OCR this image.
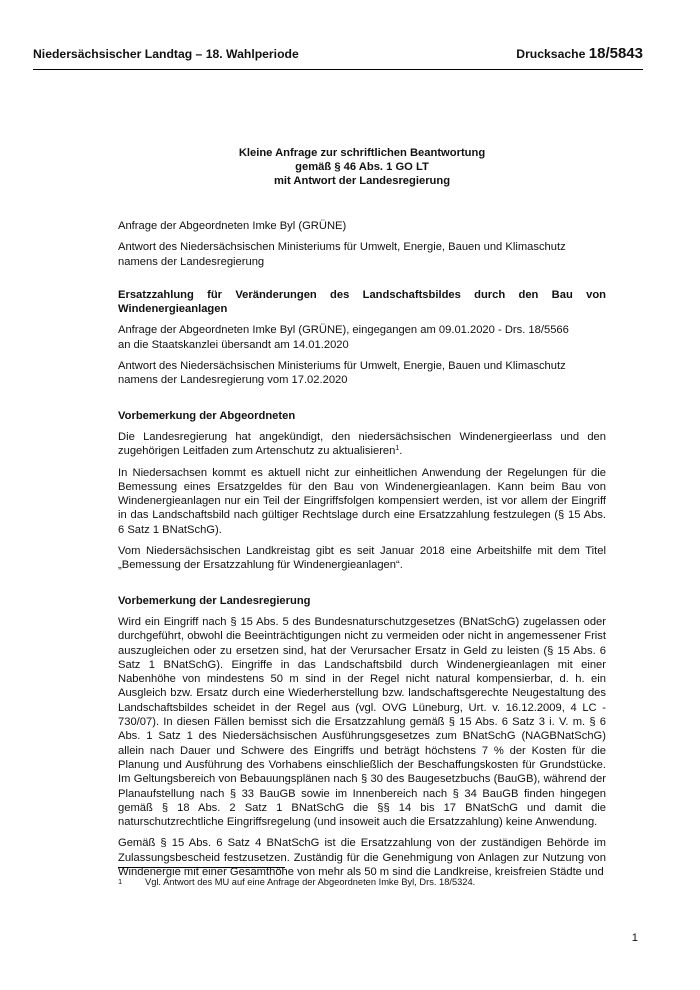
Niedersächsischer Landtag – 18. Wahlperiode	Drucksache 18/5843
Kleine Anfrage zur schriftlichen Beantwortung
gemäß § 46 Abs. 1 GO LT
mit Antwort der Landesregierung

Anfrage der Abgeordneten Imke Byl (GRÜNE)

Antwort des Niedersächsischen Ministeriums für Umwelt, Energie, Bauen und Klimaschutz namens der Landesregierung

Ersatzzahlung für Veränderungen des Landschaftsbildes durch den Bau von Windenergieanlagen

Anfrage der Abgeordneten Imke Byl (GRÜNE), eingegangen am 09.01.2020 - Drs. 18/5566
an die Staatskanzlei übersandt am 14.01.2020

Antwort des Niedersächsischen Ministeriums für Umwelt, Energie, Bauen und Klimaschutz namens der Landesregierung vom 17.02.2020

Vorbemerkung der Abgeordneten

Die Landesregierung hat angekündigt, den niedersächsischen Windenergieerlass und den zugehörigen Leitfaden zum Artenschutz zu aktualisieren$^1$.

In Niedersachsen kommt es aktuell nicht zur einheitlichen Anwendung der Regelungen für die Bemessung eines Ersatzgeldes für den Bau von Windenergieanlagen. Kann beim Bau von Windenergieanlagen nur ein Teil der Eingriffsfolgen kompensiert werden, ist vor allem der Eingriff in das Landschaftsbild nach gültiger Rechtslage durch eine Ersatzzahlung festzulegen (§ 15 Abs. 6 Satz 1 BNatSchG).

Vom Niedersächsischen Landkreistag gibt es seit Januar 2018 eine Arbeitshilfe mit dem Titel „Bemessung der Ersatzzahlung für Windenergieanlagen“.

Vorbemerkung der Landesregierung

Wird ein Eingriff nach § 15 Abs. 5 des Bundesnaturschutzgesetzes (BNatSchG) zugelassen oder durchgeführt, obwohl die Beeinträchtigungen nicht zu vermeiden oder nicht in angemessener Frist auszugleichen oder zu ersetzen sind, hat der Verursacher Ersatz in Geld zu leisten (§ 15 Abs. 6 Satz 1 BNatSchG). Eingriffe in das Landschaftsbild durch Windenergieanlagen mit einer Nabenhöhe von mindestens 50 m sind in der Regel nicht natural kompensierbar, d. h. ein Ausgleich bzw. Ersatz durch eine Wiederherstellung bzw. landschaftsgerechte Neugestaltung des Landschaftsbildes scheidet in der Regel aus (vgl. OVG Lüneburg, Urt. v. 16.12.2009, 4 LC - 730/07). In diesen Fällen bemisst sich die Ersatzzahlung gemäß § 15 Abs. 6 Satz 3 i. V. m. § 6 Abs. 1 Satz 1 des Niedersächsischen Ausführungsgesetzes zum BNatSchG (NAGBNatSchG) allein nach Dauer und Schwere des Eingriffs und beträgt höchstens 7 % der Kosten für die Planung und Ausführung des Vorhabens einschließlich der Beschaffungskosten für Grundstücke. Im Geltungsbereich von Bebauungsplänen nach § 30 des Baugesetzbuchs (BauGB), während der Planaufstellung nach § 33 BauGB sowie im Innenbereich nach § 34 BauGB finden hingegen gemäß § 18 Abs. 2 Satz 1 BNatSchG die §§ 14 bis 17 BNatSchG und damit die naturschutzrechtliche Eingriffsregelung (und insoweit auch die Ersatzzahlung) keine Anwendung.

Gemäß § 15 Abs. 6 Satz 4 BNatSchG ist die Ersatzzahlung von der zuständigen Behörde im Zulassungsbescheid festzusetzen. Zuständig für die Genehmigung von Anlagen zur Nutzung von Windenergie mit einer Gesamthöhe von mehr als 50 m sind die Landkreise, kreisfreien Städte und

1	Vgl. Antwort des MU auf eine Anfrage der Abgeordneten Imke Byl, Drs. 18/5324.
1
